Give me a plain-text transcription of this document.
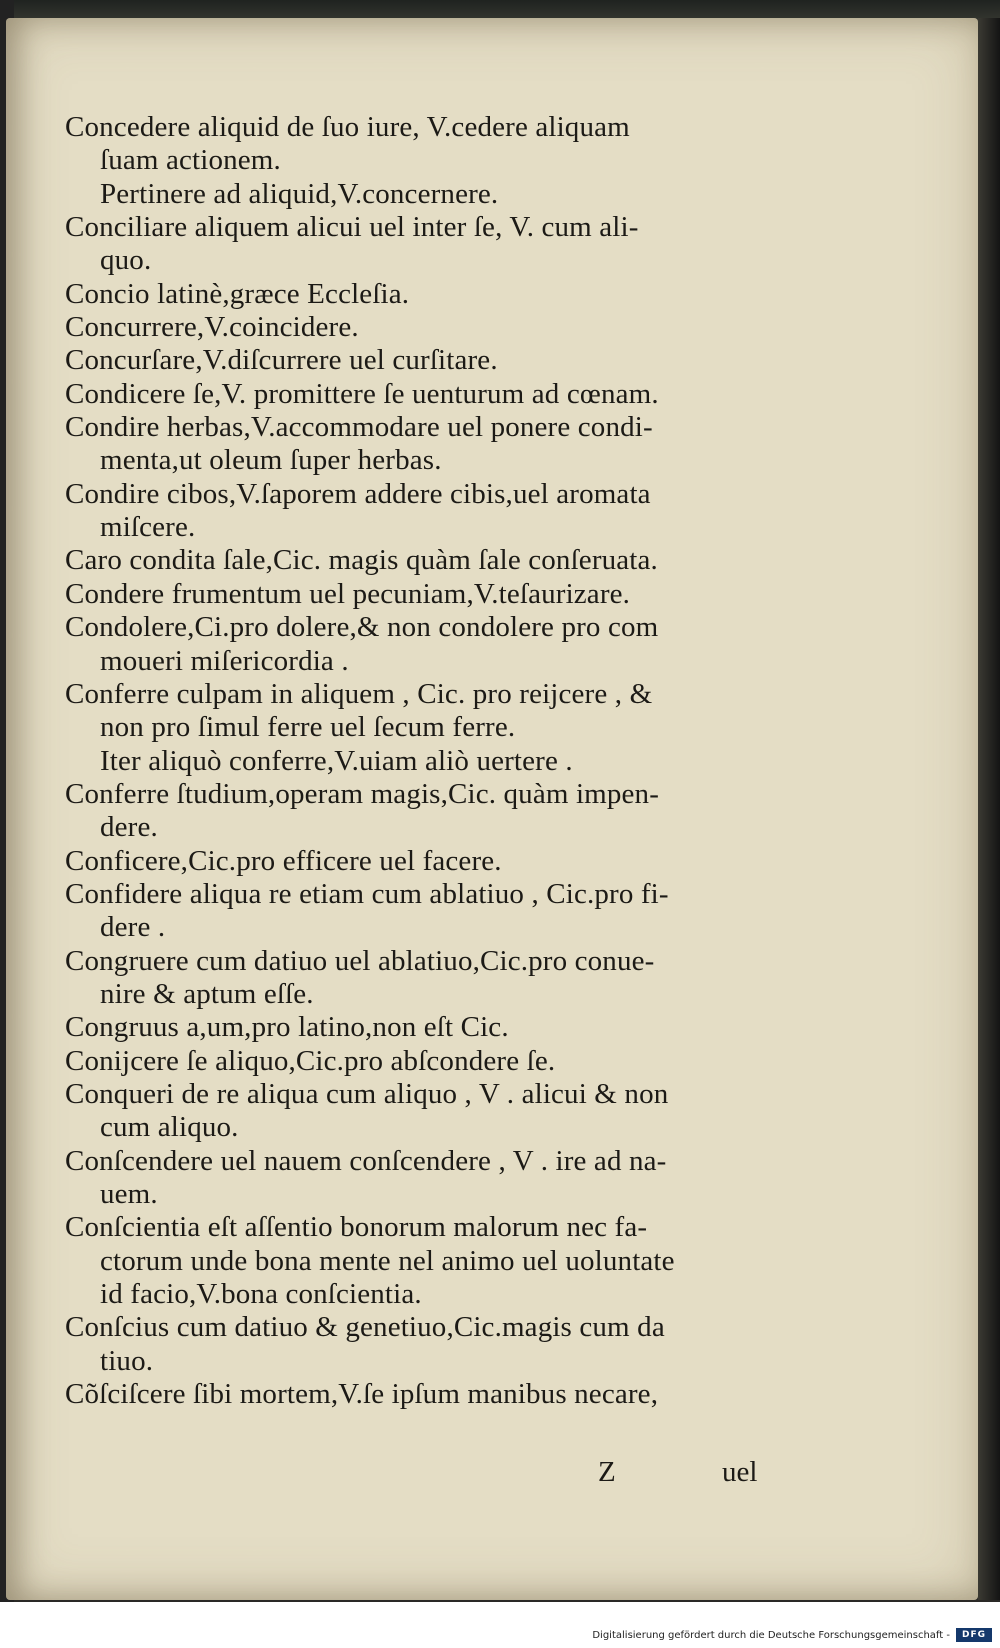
Concedere aliquid de ſuo iure, V.cedere aliquam
ſuam actionem.
Pertinere ad aliquid,V.concernere.
Conciliare aliquem alicui uel inter ſe, V. cum ali-
quo.
Concio latinè,græce Eccleſia.
Concurrere,V.coincidere.
Concurſare,V.diſcurrere uel curſitare.
Condicere ſe,V. promittere ſe uenturum ad cœnam.
Condire herbas,V.accommodare uel ponere condi-
menta,ut oleum ſuper herbas.
Condire cibos,V.ſaporem addere cibis,uel aromata
miſcere.
Caro condita ſale,Cic. magis quàm ſale conſeruata.
Condere frumentum uel pecuniam,V.teſaurizare.
Condolere,Ci.pro dolere,& non condolere pro com
moueri miſericordia .
Conferre culpam in aliquem , Cic. pro reijcere , &
non pro ſimul ferre uel ſecum ferre.
Iter aliquò conferre,V.uiam aliò uertere .
Conferre ſtudium,operam magis,Cic. quàm impen-
dere.
Conficere,Cic.pro efficere uel facere.
Confidere aliqua re etiam cum ablatiuo , Cic.pro fi-
dere .
Congruere cum datiuo uel ablatiuo,Cic.pro conue-
nire & aptum eſſe.
Congruus a,um,pro latino,non eſt Cic.
Conijcere ſe aliquo,Cic.pro abſcondere ſe.
Conqueri de re aliqua cum aliquo , V . alicui & non
cum aliquo.
Conſcendere uel nauem conſcendere , V . ire ad na-
uem.
Conſcientia eſt aſſentio bonorum malorum nec fa-
ctorum unde bona mente nel animo uel uoluntate
id facio,V.bona conſcientia.
Conſcius cum datiuo & genetiuo,Cic.magis cum da
tiuo.
Cõſciſcere ſibi mortem,V.ſe ipſum manibus necare,
Z	uel
Digitalisierung gefördert durch die Deutsche Forschungsgemeinschaft -	DFG
